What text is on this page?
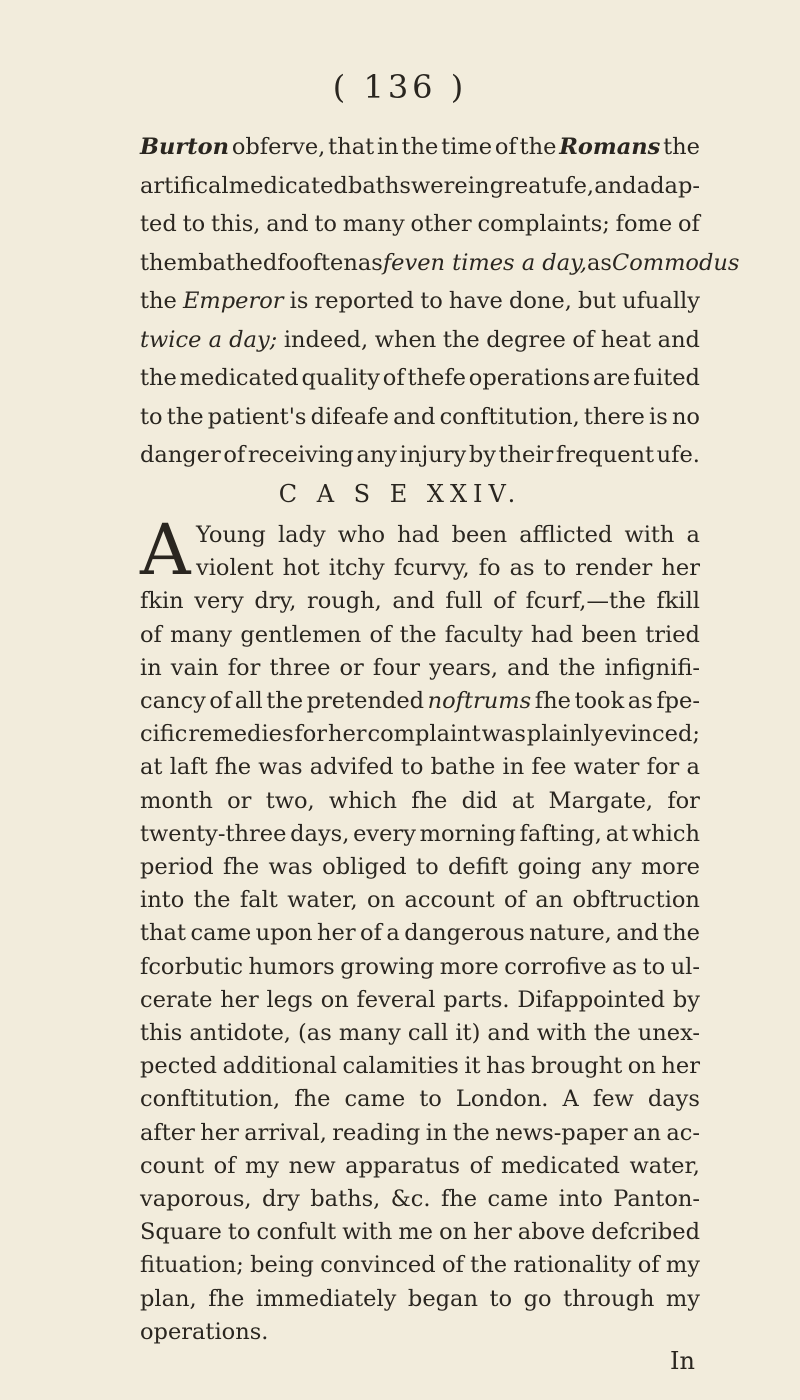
( 136 )
C A S E XXIV.
A
Burton obferve, that in the time of the Romans the
artifical medicated baths were in great ufe, and adap-
ted to this, and to many other complaints; fome of
them bathed fo often as feven times a day, as Commodus
the Emperor is reported to have done, but ufually
twice a day; indeed, when the degree of heat and
the medicated quality of thefe operations are fuited
to the patient's difeafe and conftitution, there is no
danger of receiving any injury by their frequent ufe.
Young lady who had been afflicted with a
violent hot itchy fcurvy, fo as to render her
fkin very dry, rough, and full of fcurf,—the fkill
of many gentlemen of the faculty had been tried
in vain for three or four years, and the infignifi-
cancy of all the pretended noftrums fhe took as fpe-
cific remedies for her complaint was plainly evinced;
at laft fhe was advifed to bathe in fee water for a
month or two, which fhe did at Margate, for
twenty-three days, every morning fafting, at which
period fhe was obliged to defift going any more
into the falt water, on account of an obftruction
that came upon her of a dangerous nature, and the
fcorbutic humors growing more corrofive as to ul-
cerate her legs on feveral parts. Difappointed by
this antidote, (as many call it) and with the unex-
pected additional calamities it has brought on her
conftitution, fhe came to London. A few days
after her arrival, reading in the news-paper an ac-
count of my new apparatus of medicated water,
vaporous, dry baths, &c. fhe came into Panton-
Square to confult with me on her above defcribed
fituation; being convinced of the rationality of my
plan, fhe immediately began to go through my
operations.
In
